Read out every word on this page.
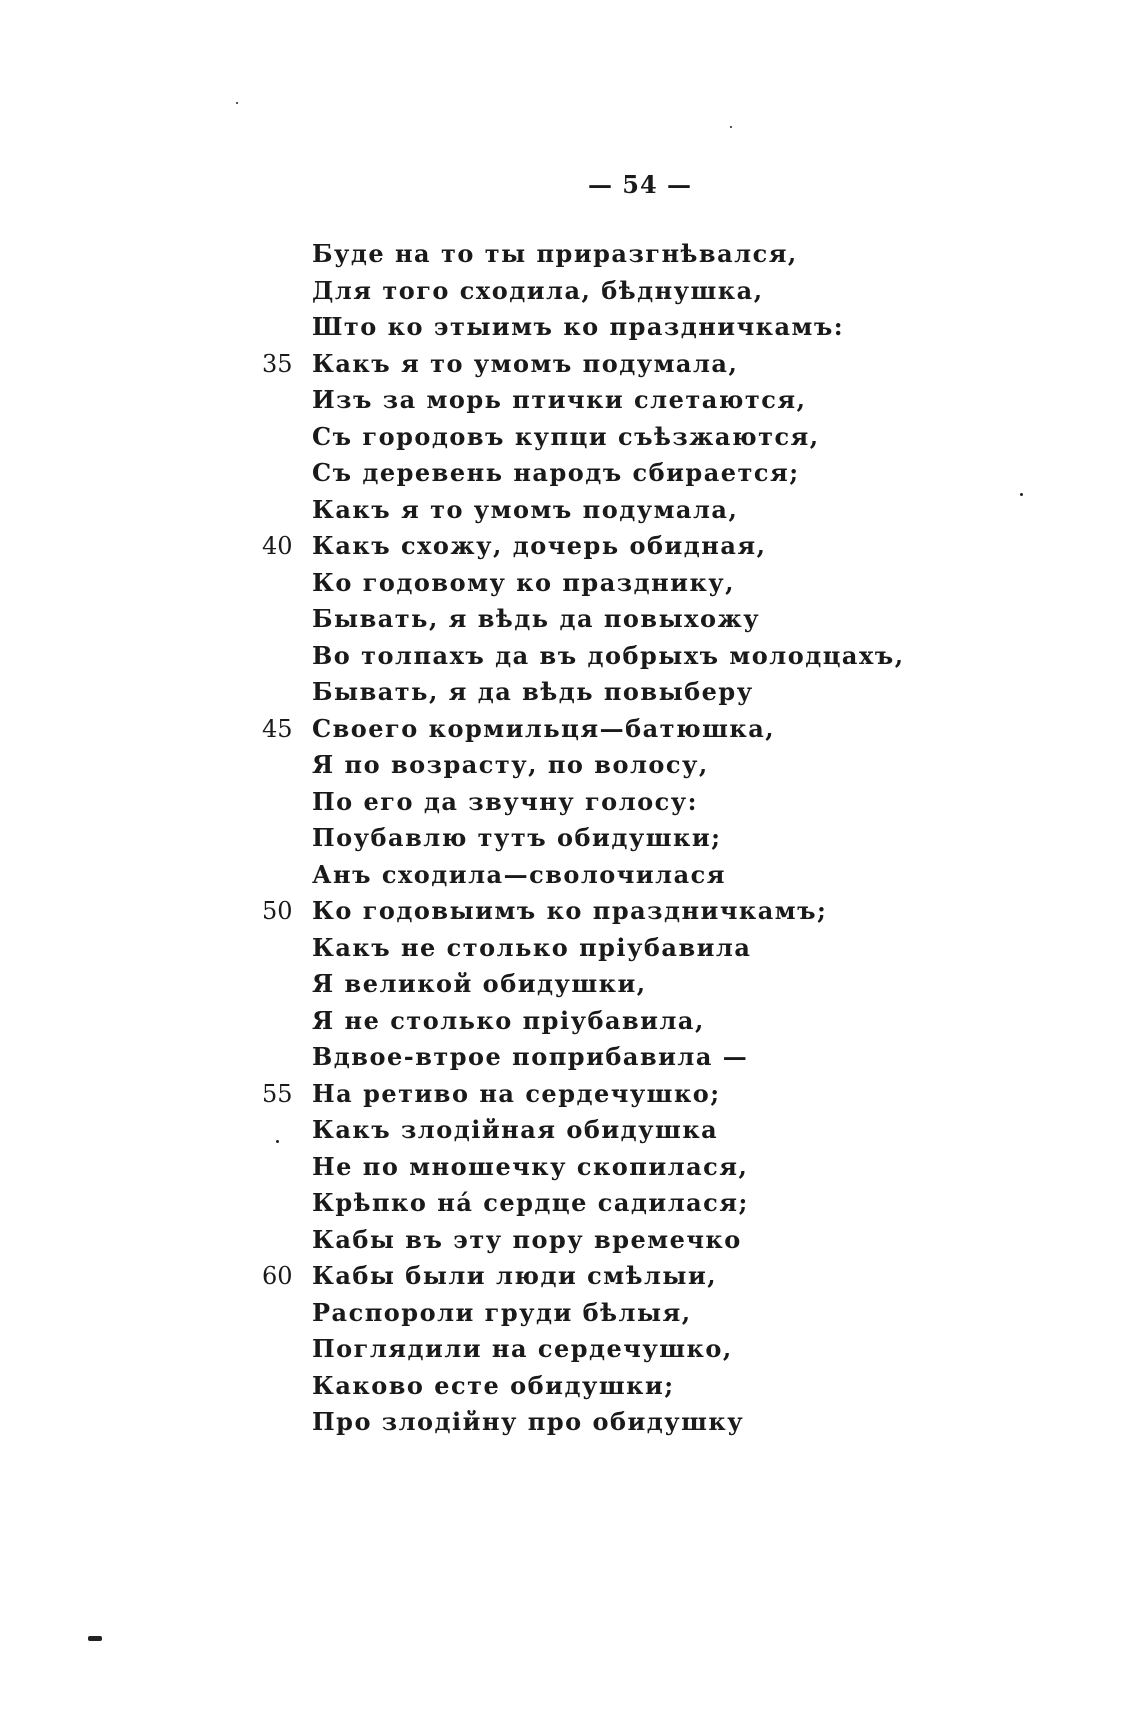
— 54 —
Буде на то ты приразгнѣвался,
Для того сходила, бѣднушка,
Што ко этыимъ ко праздничкамъ:
35 Какъ я то умомъ подумала,
Изъ за морь птички слетаются,
Съ городовъ купци съѣзжаются,
Съ деревень народъ сбирается;
Какъ я то умомъ подумала,
40 Какъ схожу, дочерь обидная,
Ко годовому ко празднику,
Бывать, я вѣдь да повыхожу
Во толпахъ да въ добрыхъ молодцахъ,
Бывать, я да вѣдь повыберу
45 Своего кормильця—батюшка,
Я по возрасту, по волосу,
По его да звучну голосу:
Поубавлю тутъ обидушки;
Анъ сходила—сволочилася
50 Ко годовыимъ ко праздничкамъ;
Какъ не столько пріубавила
Я великой обидушки,
Я не столько пріубавила,
Вдвое-втрое поприбавила —
55 На ретиво на сердечушко;
Какъ злодійная обидушка
Не по мношечку скопилася,
Крѣпко на́ сердце садилася;
Кабы въ эту пору времечко
60 Кабы были люди смѣлыи,
Распороли груди бѣлыя,
Поглядили на сердечушко,
Каково есте обидушки;
Про злодійну про обидушку
